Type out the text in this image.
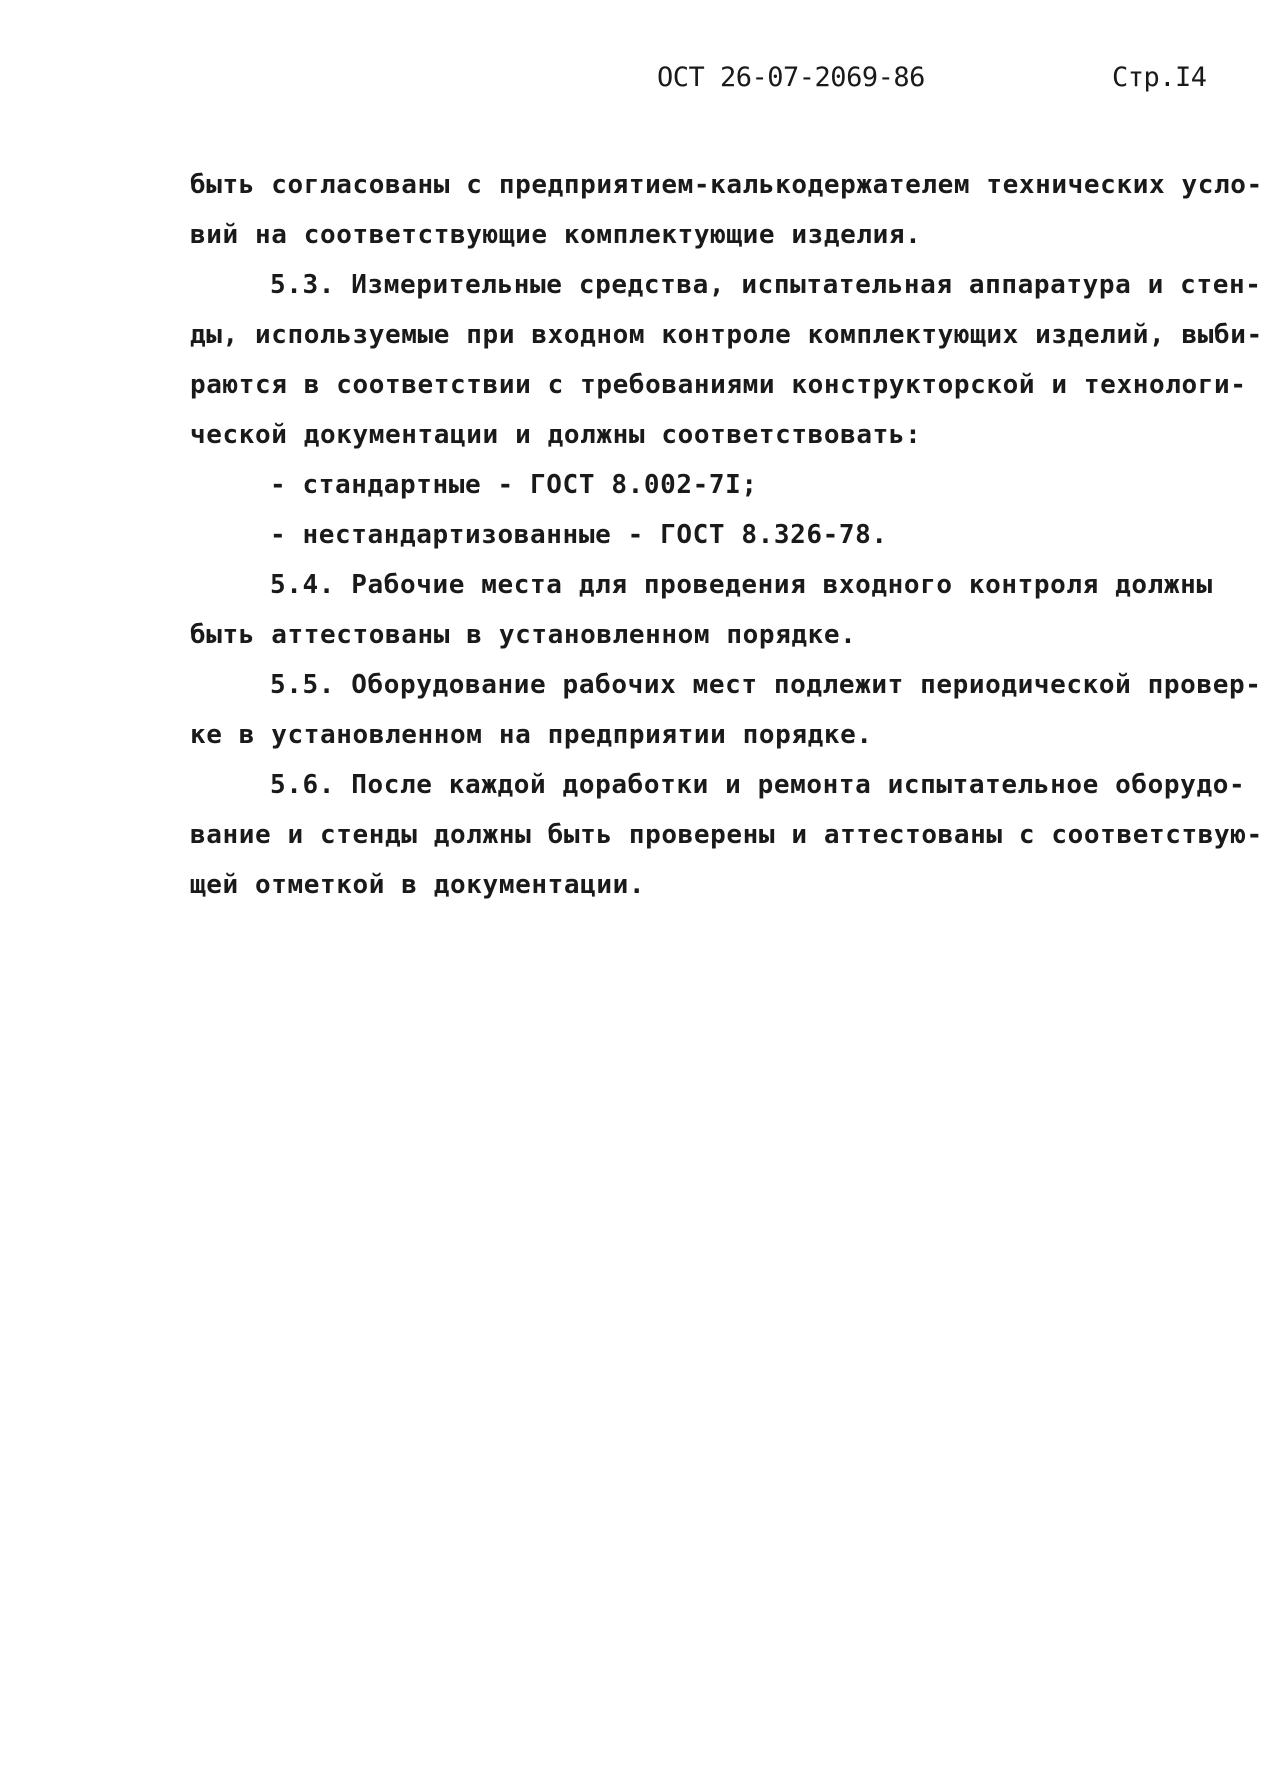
ОСТ 26-07-2069-86	Стр.I4
быть согласованы с предприятием-калькодержателем технических усло-
вий на соответствующие комплектующие изделия.
5.3. Измерительные средства, испытательная аппаратура и стен-
ды, используемые при входном контроле комплектующих изделий, выби-
раются в соответствии с требованиями конструкторской и технологи-
ческой документации и должны соответствовать:
- стандартные - ГОСТ 8.002-7I;
- нестандартизованные - ГОСТ 8.326-78.
5.4. Рабочие места для проведения входного контроля должны
быть аттестованы в установленном порядке.
5.5. Оборудование рабочих мест подлежит периодической провер-
ке в установленном на предприятии порядке.
5.6. После каждой доработки и ремонта испытательное оборудо-
вание и стенды должны быть проверены и аттестованы с соответствую-
щей отметкой в документации.
